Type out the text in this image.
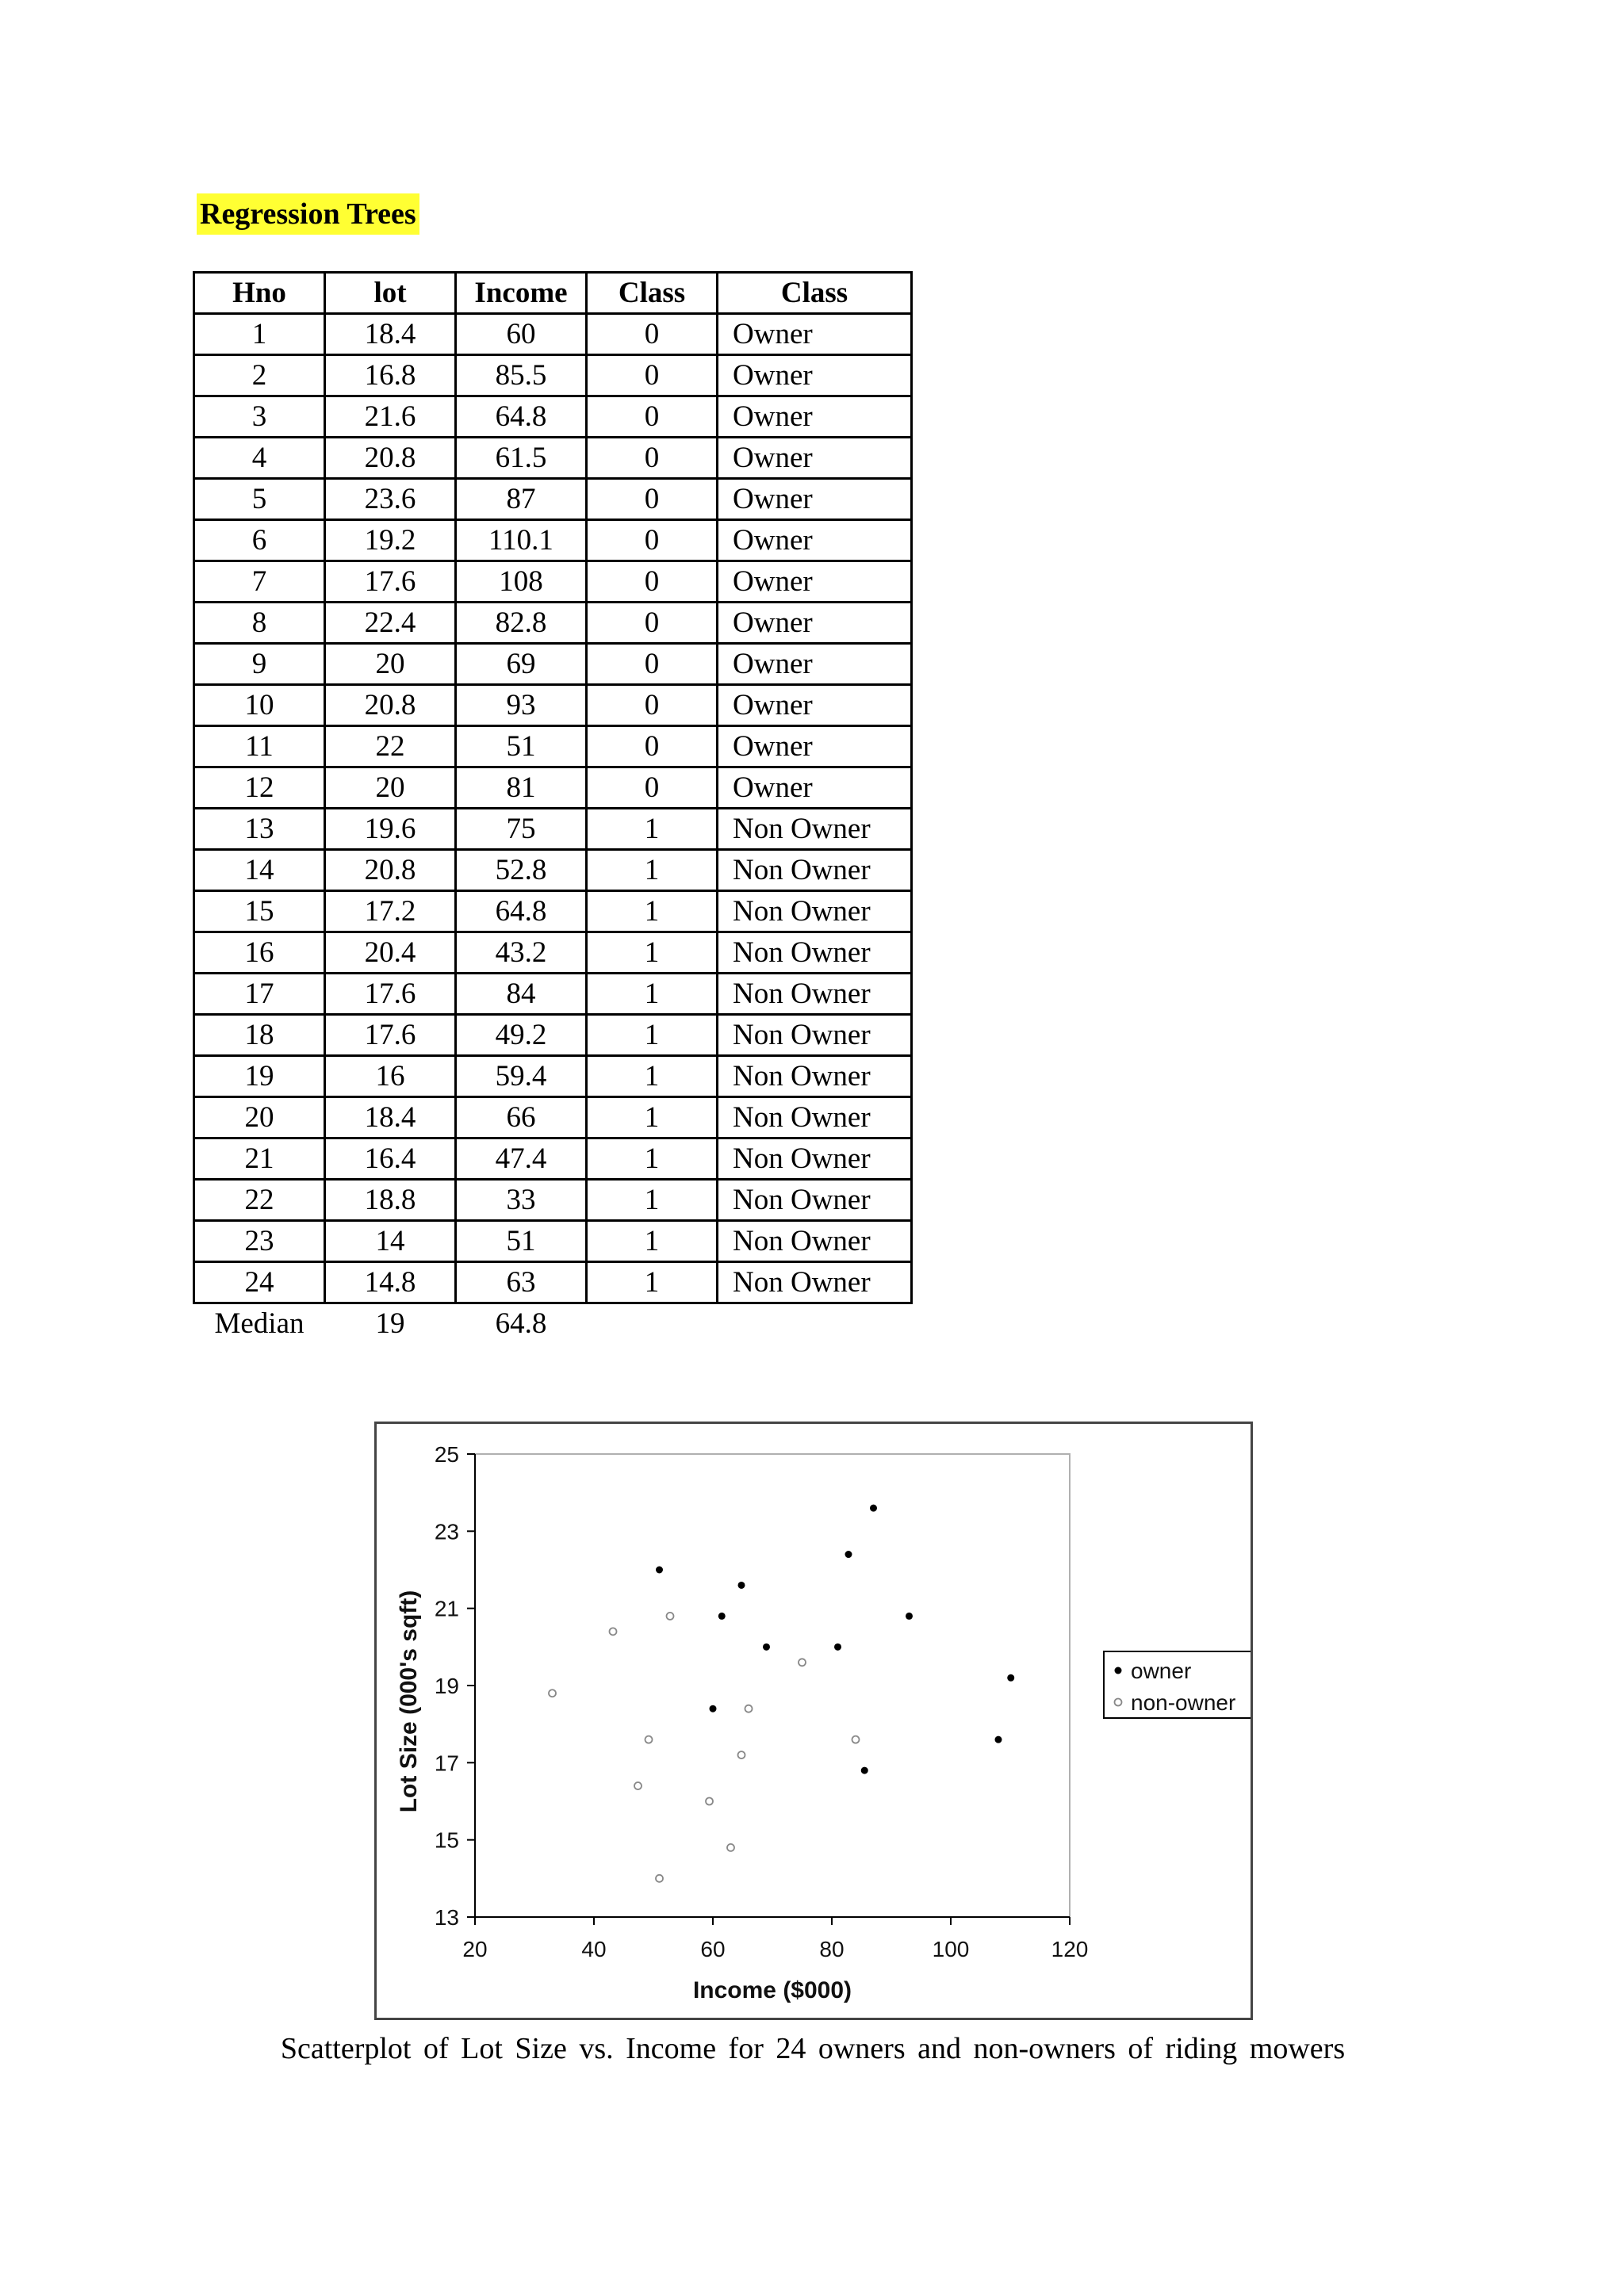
Regression Trees
Hno	lot	Income	Class	Class
1	18.4	60	0	Owner
2	16.8	85.5	0	Owner
3	21.6	64.8	0	Owner
4	20.8	61.5	0	Owner
5	23.6	87	0	Owner
6	19.2	110.1	0	Owner
7	17.6	108	0	Owner
8	22.4	82.8	0	Owner
9	20	69	0	Owner
10	20.8	93	0	Owner
11	22	51	0	Owner
12	20	81	0	Owner
13	19.6	75	1	Non Owner
14	20.8	52.8	1	Non Owner
15	17.2	64.8	1	Non Owner
16	20.4	43.2	1	Non Owner
17	17.6	84	1	Non Owner
18	17.6	49.2	1	Non Owner
19	16	59.4	1	Non Owner
20	18.4	66	1	Non Owner
21	16.4	47.4	1	Non Owner
22	18.8	33	1	Non Owner
23	14	51	1	Non Owner
24	14.8	63	1	Non Owner
Median	19	64.8		
13
15
17
19
21
23
25
20	40	60	80	100	120
Income ($000)
Lot Size (000's sqft)	owner
non-owner
Scatterplot of Lot Size vs. Income for 24 owners and non-owners of riding mowers
